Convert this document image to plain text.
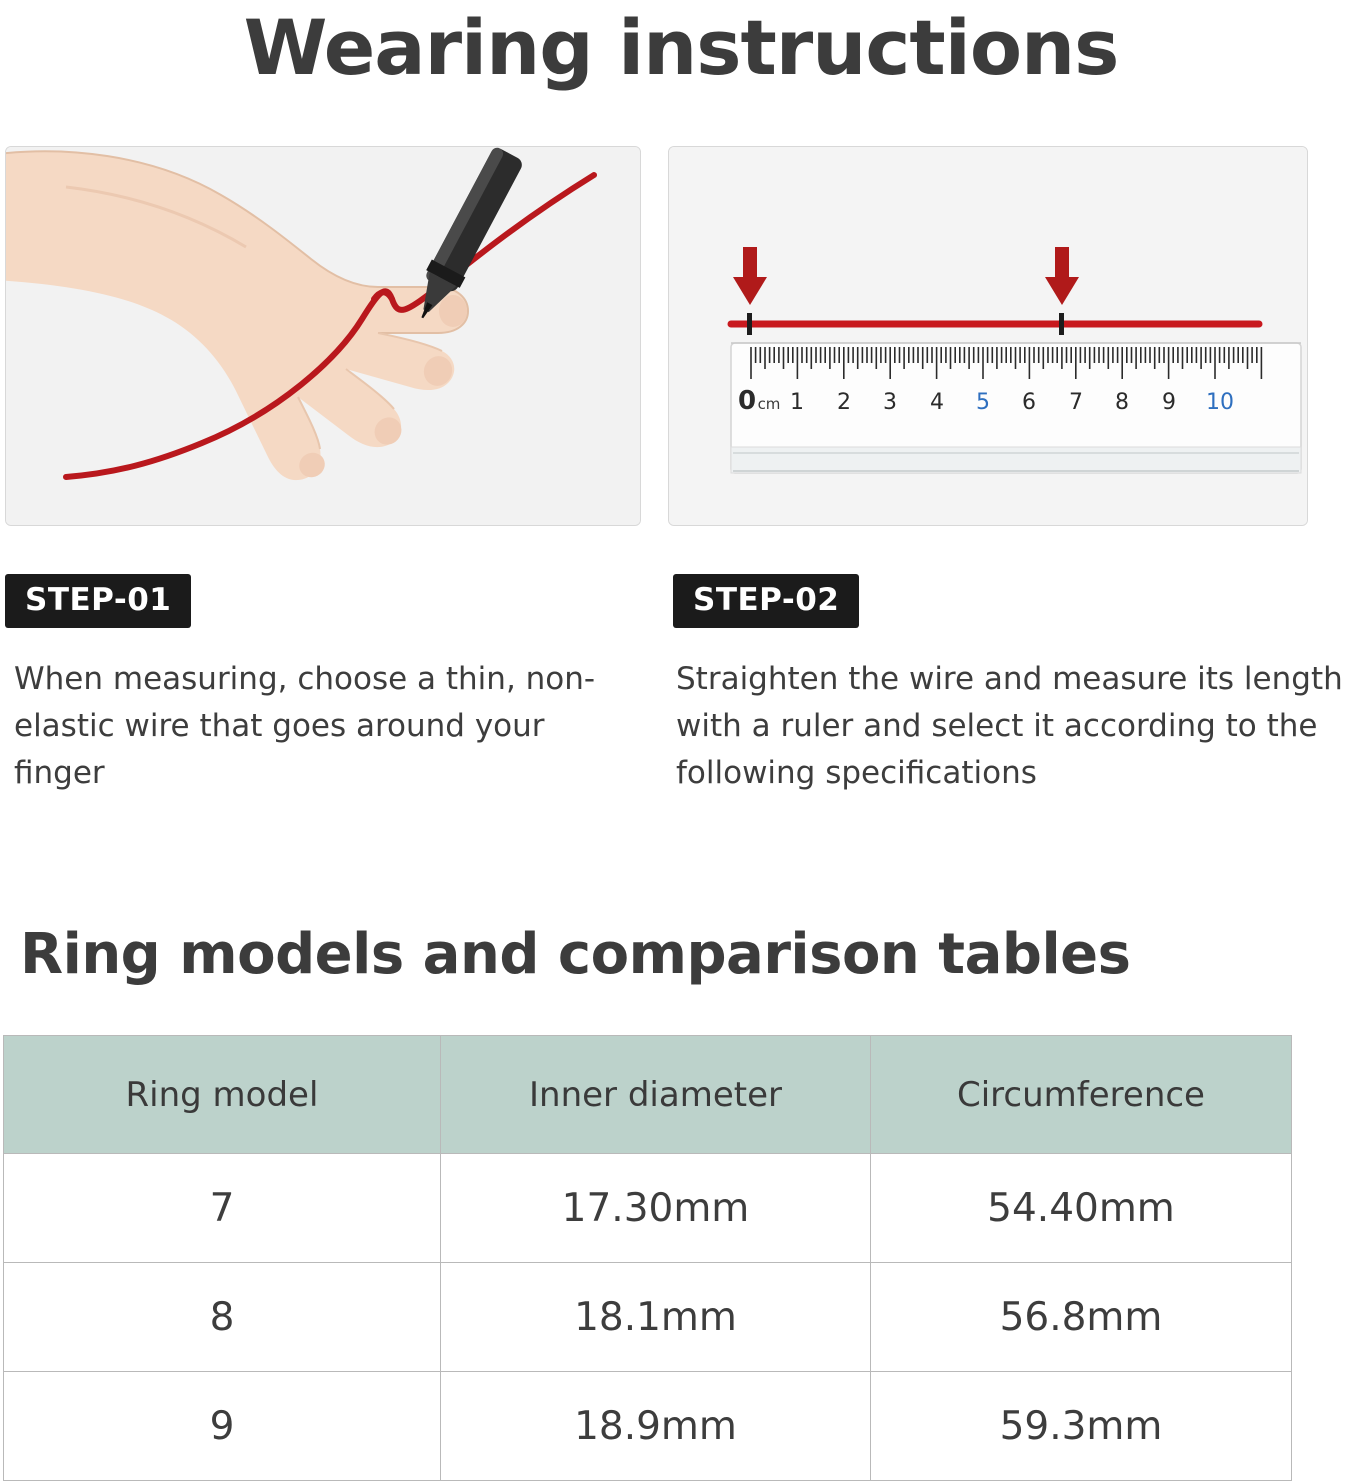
Wearing instructions
0 cm 1 2 3 4 5 6 7 8 9 10
STEP-01	STEP-02
When measuring, choose a thin, non-elastic wire that goes around your finger
Straighten the wire and measure its length with a ruler and select it according to the following specifications
Ring models and comparison tables
Ring model	Inner diameter	Circumference
7	17.30mm	54.40mm
8	18.1mm	56.8mm
9	18.9mm	59.3mm
